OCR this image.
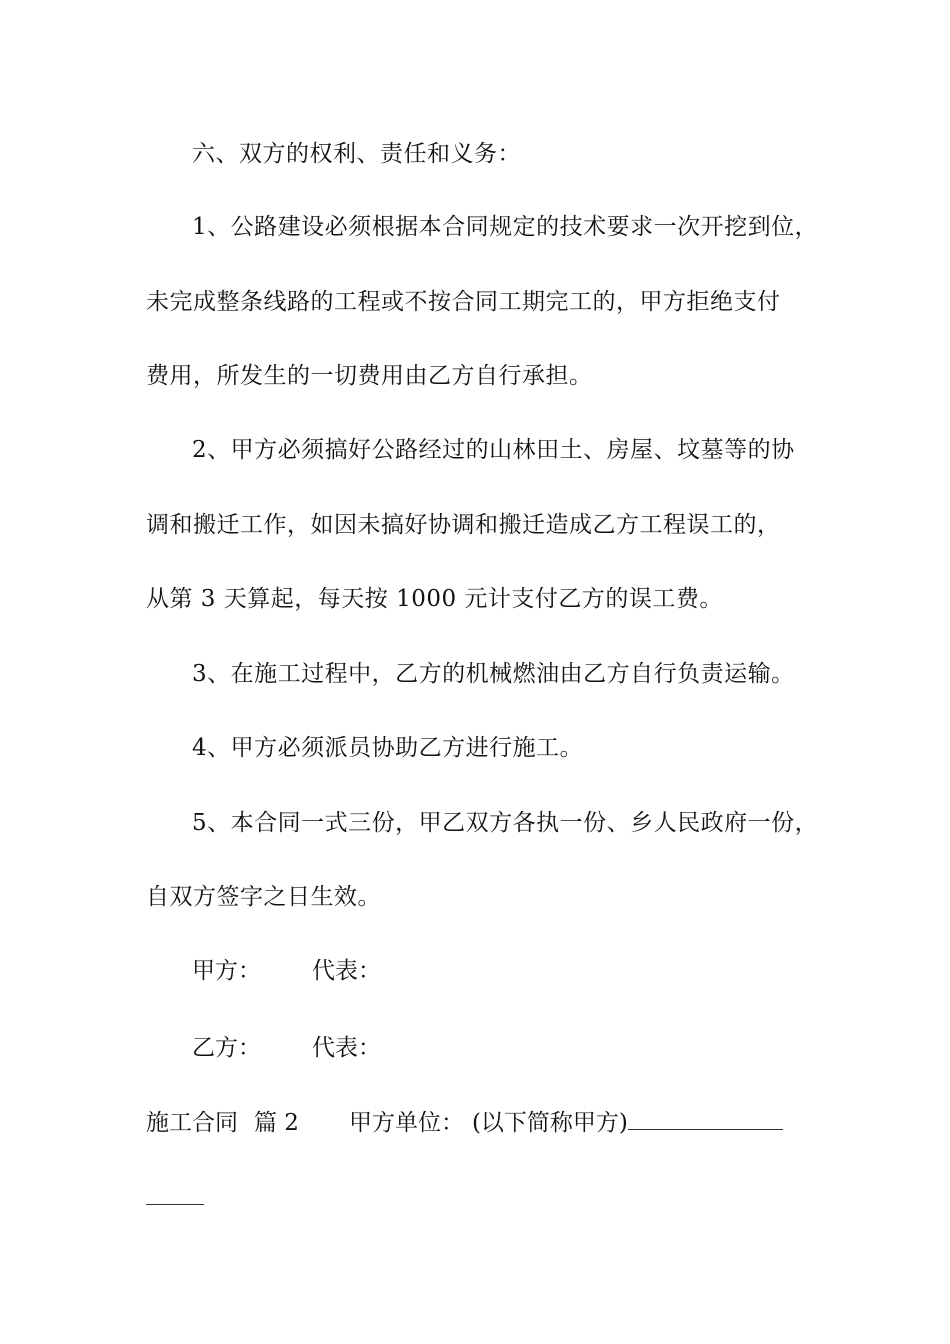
六、双方的权利、责任和义务：
1、公路建设必须根据本合同规定的技术要求一次开挖到位，
未完成整条线路的工程或不按合同工期完工的，甲方拒绝支付
费用，所发生的一切费用由乙方自行承担。
2、甲方必须搞好公路经过的山林田土、房屋、坟墓等的协
调和搬迁工作，如因未搞好协调和搬迁造成乙方工程误工的，
从第 3 天算起，每天按 1000 元计支付乙方的误工费。
3、在施工过程中，乙方的机械燃油由乙方自行负责运输。
4、甲方必须派员协助乙方进行施工。
5、本合同一式三份，甲乙双方各执一份、乡人民政府一份，
自双方签字之日生效。
甲方： 代表：
乙方： 代表：
施工合同 篇 2 甲方单位： (以下简称甲方)
